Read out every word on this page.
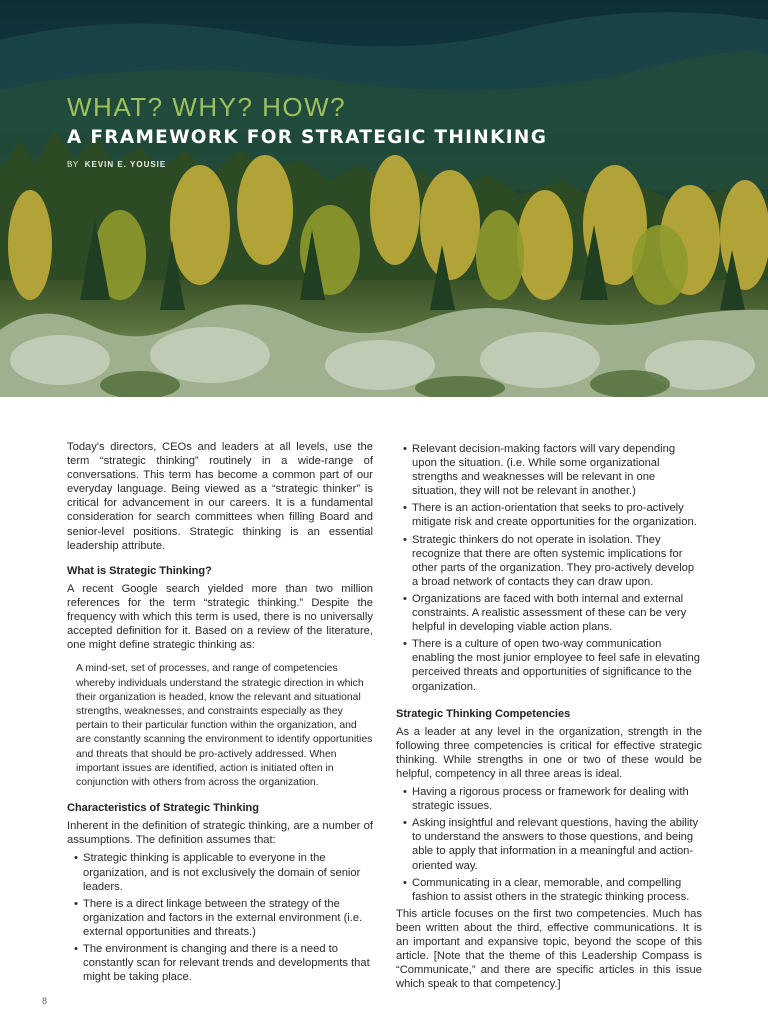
WHAT? WHY? HOW?

A FRAMEWORK FOR STRATEGIC THINKING

BY KEVIN E. YOUSIE

Today's directors, CEOs and leaders at all levels, use the term “strategic thinking” routinely in a wide-range of conversations. This term has become a common part of our everyday language. Being viewed as a “strategic thinker” is critical for advancement in our careers. It is a fundamental consideration for search committees when filling Board and senior-level positions. Strategic thinking is an essential leadership attribute.

What is Strategic Thinking?

A recent Google search yielded more than two million references for the term “strategic thinking.” Despite the frequency with which this term is used, there is no universally accepted definition for it. Based on a review of the literature, one might define strategic thinking as:

A mind-set, set of processes, and range of competencies whereby individuals understand the strategic direction in which their organization is headed, know the relevant and situational strengths, weaknesses, and constraints especially as they pertain to their particular function within the organization, and are constantly scanning the environment to identify opportunities and threats that should be pro-actively addressed. When important issues are identified, action is initiated often in conjunction with others from across the organization.

Characteristics of Strategic Thinking

Inherent in the definition of strategic thinking, are a number of assumptions. The definition assumes that:

• Strategic thinking is applicable to everyone in the organization, and is not exclusively the domain of senior leaders.
• There is a direct linkage between the strategy of the organization and factors in the external environment (i.e. external opportunities and threats.)
• The environment is changing and there is a need to constantly scan for relevant trends and developments that might be taking place.
• Relevant decision-making factors will vary depending upon the situation. (i.e. While some organizational strengths and weaknesses will be relevant in one situation, they will not be relevant in another.)
• There is an action-orientation that seeks to pro-actively mitigate risk and create opportunities for the organization.
• Strategic thinkers do not operate in isolation. They recognize that there are often systemic implications for other parts of the organization. They pro-actively develop a broad network of contacts they can draw upon.
• Organizations are faced with both internal and external constraints. A realistic assessment of these can be very helpful in developing viable action plans.
• There is a culture of open two-way communication enabling the most junior employee to feel safe in elevating perceived threats and opportunities of significance to the organization.
Strategic Thinking Competencies

As a leader at any level in the organization, strength in the following three competencies is critical for effective strategic thinking. While strengths in one or two of these would be helpful, competency in all three areas is ideal.

• Having a rigorous process or framework for dealing with strategic issues.
• Asking insightful and relevant questions, having the ability to understand the answers to those questions, and being able to apply that information in a meaningful and action-oriented way.
• Communicating in a clear, memorable, and compelling fashion to assist others in the strategic thinking process.

This article focuses on the first two competencies. Much has been written about the third, effective communications. It is an important and expansive topic, beyond the scope of this article. [Note that the theme of this Leadership Compass is “Communicate,” and there are specific articles in this issue which speak to that competency.]

8
